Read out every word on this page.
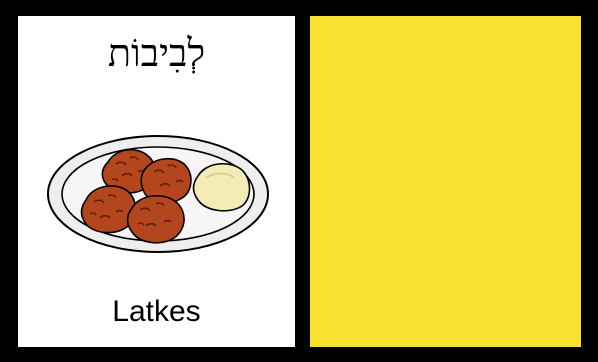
לְבִיבוֹת
Latkes
